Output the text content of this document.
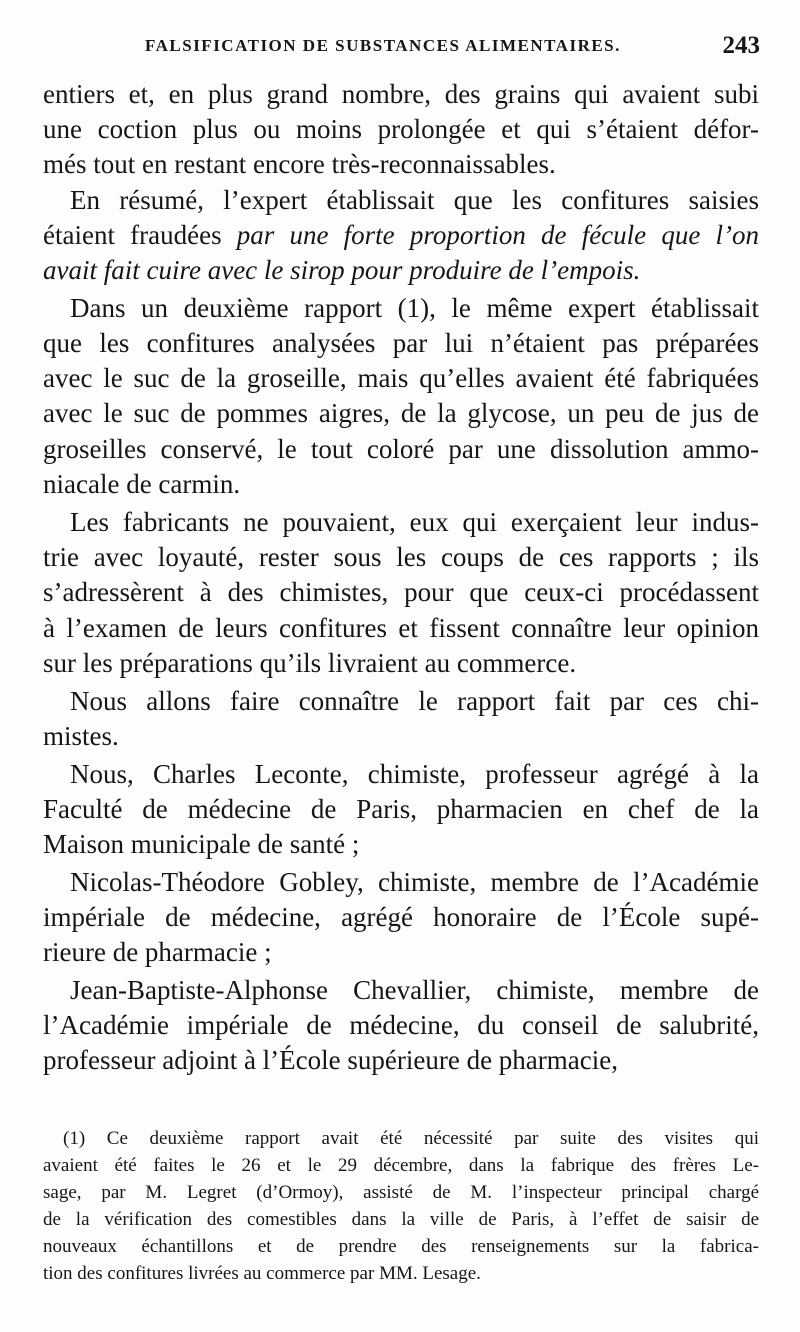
FALSIFICATION DE SUBSTANCES ALIMENTAIRES.	243
entiers et, en plus grand nombre, des grains qui avaient subi
une coction plus ou moins prolongée et qui s’étaient défor-
més tout en restant encore très-reconnaissables.
En résumé, l’expert établissait que les confitures saisies
étaient fraudées par une forte proportion de fécule que l’on
avait fait cuire avec le sirop pour produire de l’empois.
Dans un deuxième rapport (1), le même expert établissait
que les confitures analysées par lui n’étaient pas préparées
avec le suc de la groseille, mais qu’elles avaient été fabriquées
avec le suc de pommes aigres, de la glycose, un peu de jus de
groseilles conservé, le tout coloré par une dissolution ammo-
niacale de carmin.
Les fabricants ne pouvaient, eux qui exerçaient leur indus-
trie avec loyauté, rester sous les coups de ces rapports ; ils
s’adressèrent à des chimistes, pour que ceux-ci procédassent
à l’examen de leurs confitures et fissent connaître leur opinion
sur les préparations qu’ils livraient au commerce.
Nous allons faire connaître le rapport fait par ces chi-
mistes.
Nous, Charles Leconte, chimiste, professeur agrégé à la
Faculté de médecine de Paris, pharmacien en chef de la
Maison municipale de santé ;
Nicolas-Théodore Gobley, chimiste, membre de l’Académie
impériale de médecine, agrégé honoraire de l’École supé-
rieure de pharmacie ;
Jean-Baptiste-Alphonse Chevallier, chimiste, membre de
l’Académie impériale de médecine, du conseil de salubrité,
professeur adjoint à l’École supérieure de pharmacie,
(1) Ce deuxième rapport avait été nécessité par suite des visites qui
avaient été faites le 26 et le 29 décembre, dans la fabrique des frères Le-
sage, par M. Legret (d’Ormoy), assisté de M. l’inspecteur principal chargé
de la vérification des comestibles dans la ville de Paris, à l’effet de saisir de
nouveaux échantillons et de prendre des renseignements sur la fabrica-
tion des confitures livrées au commerce par MM. Lesage.
